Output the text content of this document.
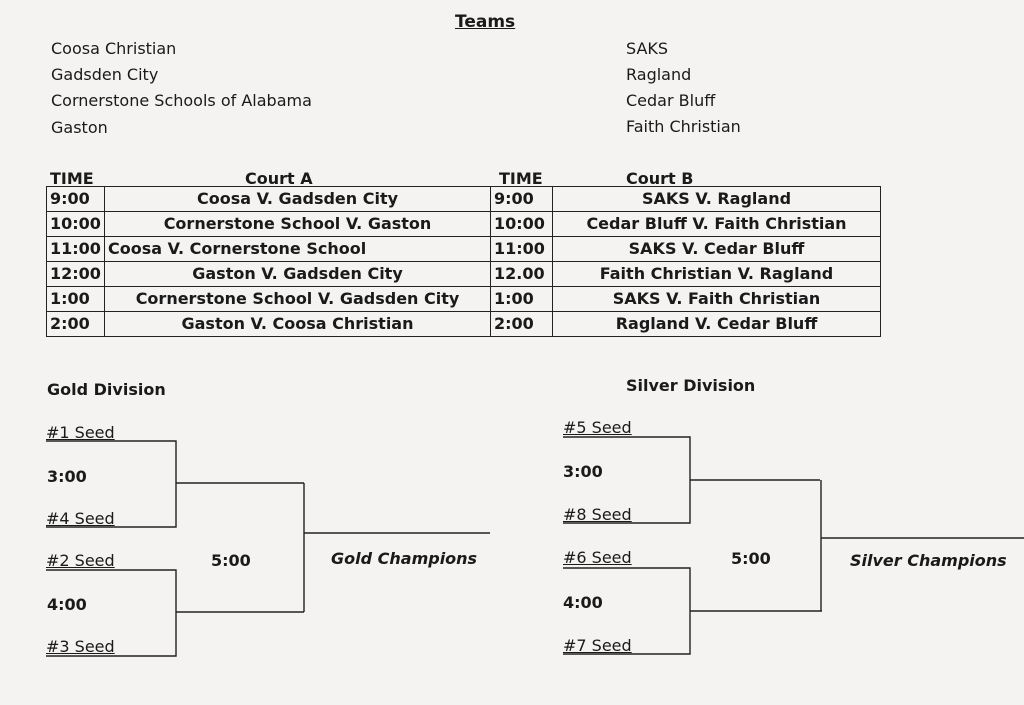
Teams
Coosa Christian
Gadsden City
Cornerstone Schools of Alabama
Gaston
SAKS
Ragland
Cedar Bluff
Faith Christian
TIME	Court A	TIME	Court B
9:00	Coosa V. Gadsden City	9:00	SAKS V. Ragland
10:00	Cornerstone School V. Gaston	10:00	Cedar Bluff V. Faith Christian
11:00	Coosa V. Cornerstone School	11:00	SAKS V. Cedar Bluff
12:00	Gaston V. Gadsden City	12.00	Faith Christian V. Ragland
1:00	Cornerstone School V. Gadsden City	1:00	SAKS V. Faith Christian
2:00	Gaston V. Coosa Christian	2:00	Ragland V. Cedar Bluff
Gold Division
#1 Seed
3:00
#4 Seed
#2 Seed	5:00	Gold Champions
4:00
#3 Seed
Silver Division
#5 Seed
3:00
#8 Seed
#6 Seed	5:00	Silver Champions
4:00
#7 Seed
